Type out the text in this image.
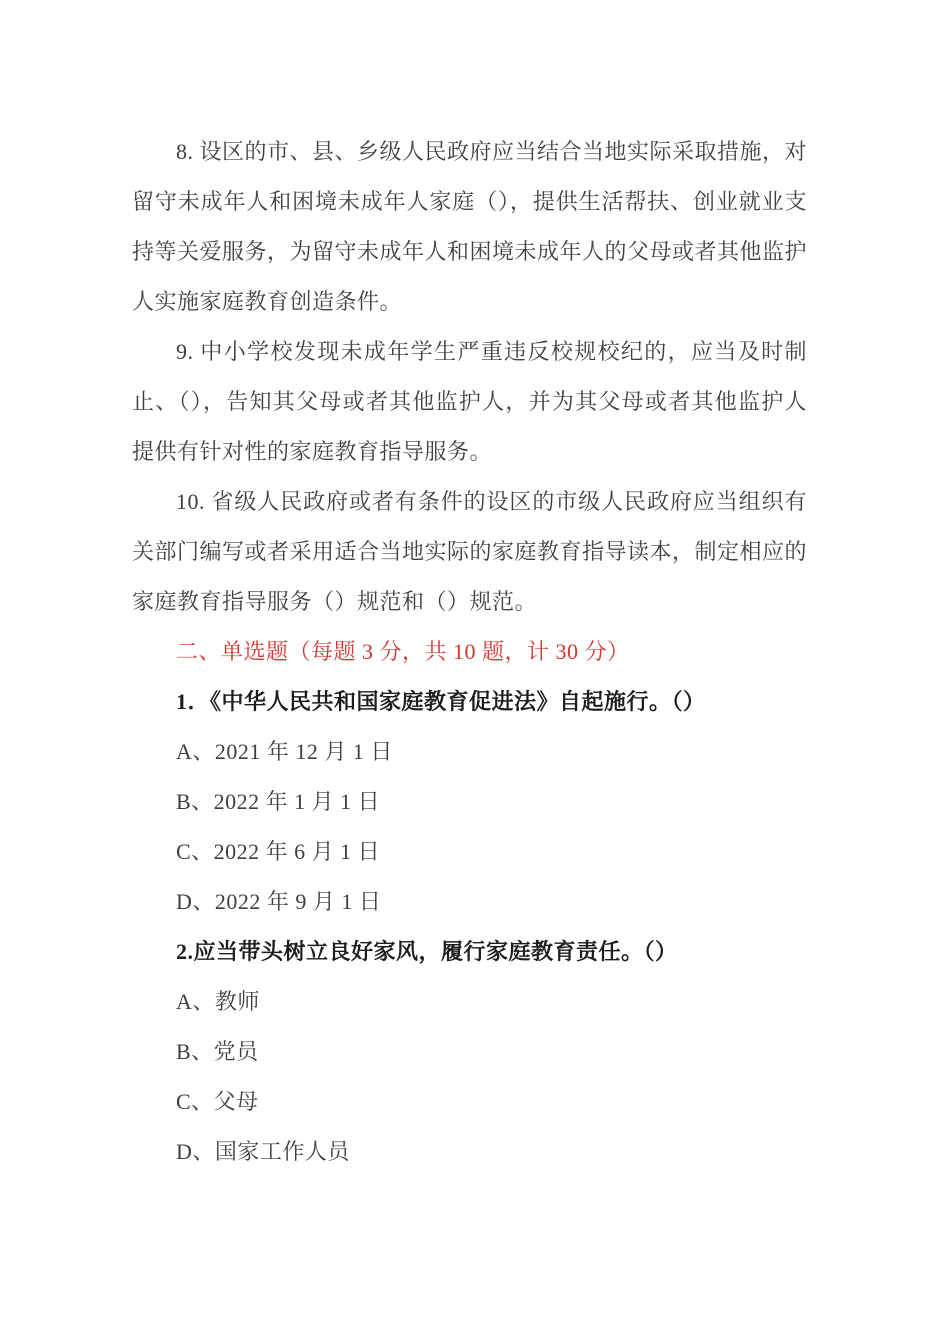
8. 设区的市、县、乡级人民政府应当结合当地实际采取措施，对留守未成年人和困境未成年人家庭（），提供生活帮扶、创业就业支持等关爱服务，为留守未成年人和困境未成年人的父母或者其他监护人实施家庭教育创造条件。

9. 中小学校发现未成年学生严重违反校规校纪的，应当及时制止、（），告知其父母或者其他监护人，并为其父母或者其他监护人提供有针对性的家庭教育指导服务。

10. 省级人民政府或者有条件的设区的市级人民政府应当组织有关部门编写或者采用适合当地实际的家庭教育指导读本，制定相应的家庭教育指导服务（）规范和（）规范。

二、单选题（每题 3 分，共 10 题，计 30 分）

1．《中华人民共和国家庭教育促进法》自起施行。（）

A、2021 年 12 月 1 日

B、2022 年 1 月 1 日

C、2022 年 6 月 1 日

D、2022 年 9 月 1 日

2.应当带头树立良好家风，履行家庭教育责任。（）

A、教师

B、党员

C、父母

D、国家工作人员
